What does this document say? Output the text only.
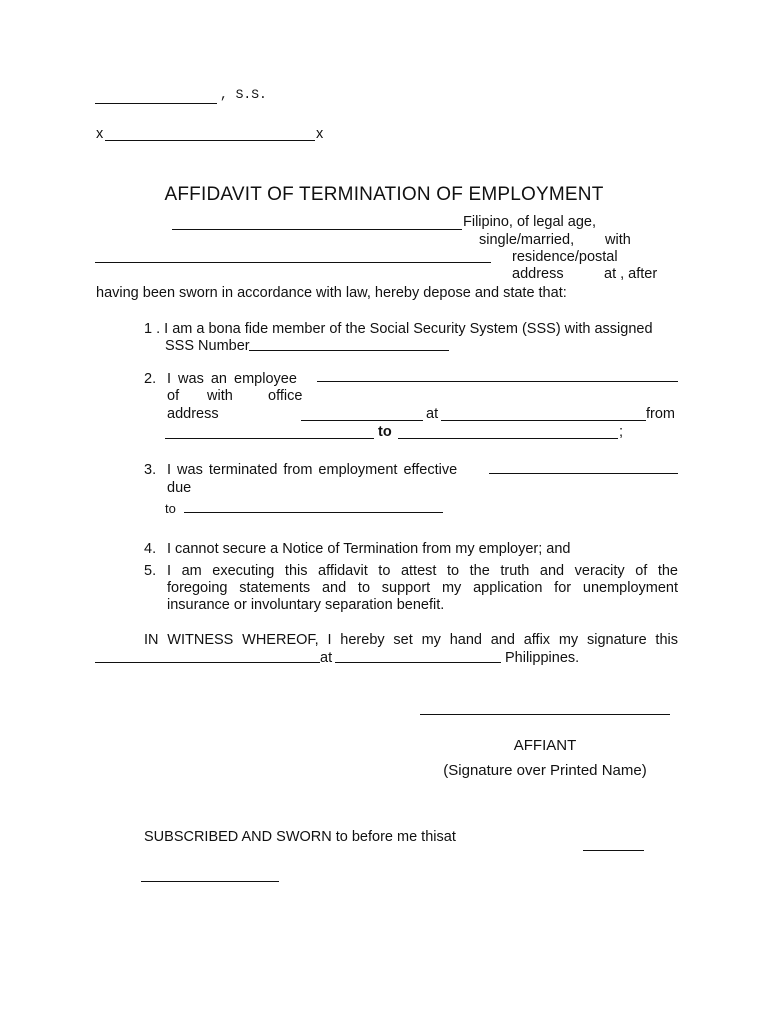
, S.S.
x	x
AFFIDAVIT OF TERMINATION OF EMPLOYMENT
Filipino, of legal age,
single/married, with
residence/postal
address	at , after
having been sworn in accordance with law, hereby depose and state that:
1 . I am a bona fide member of the Social Security System (SSS) with assigned
SSS Number
2. I was an employee
of with office
address	at	from
to	;
3. I was terminated from employment effective
due
to
4. I cannot secure a Notice of Termination from my employer; and
5. I am executing this affidavit to attest to the truth and veracity of the
foregoing statements and to support my application for unemployment
insurance or involuntary separation benefit.
IN WITNESS WHEREOF, I hereby set my hand and affix my signature this
at	Philippines.
AFFIANT
(Signature over Printed Name)
SUBSCRIBED AND SWORN to before me thisat
